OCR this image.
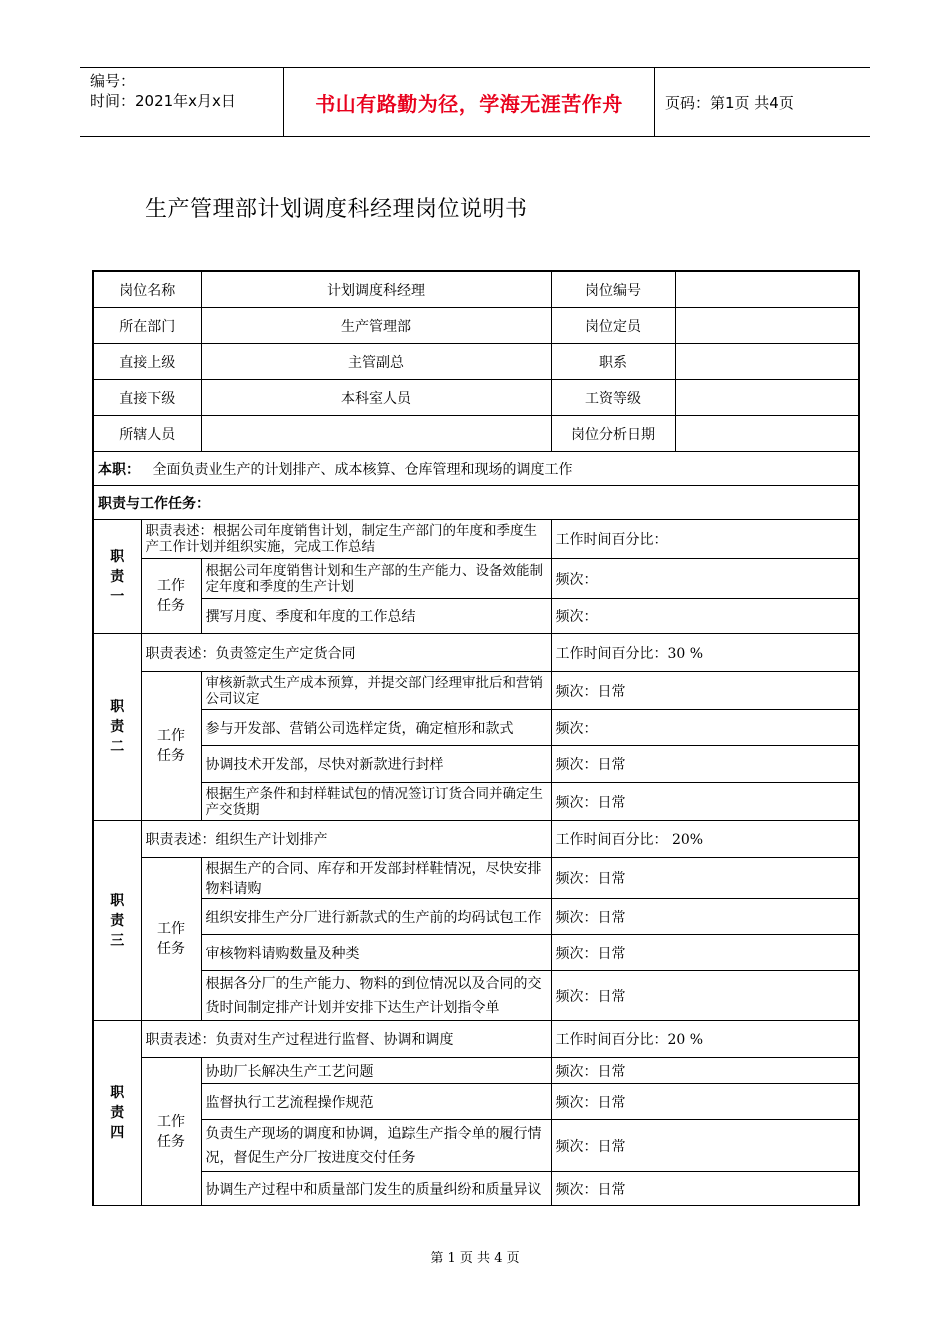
编号：
时间：2021年x月x日	书山有路勤为径，学海无涯苦作舟	页码：第1页 共4页
生产管理部计划调度科经理岗位说明书
岗位名称		计划调度科经理	岗位编号	
所在部门		生产管理部	岗位定员	
直接上级		主管副总	职系	
直接下级		本科室人员	工资等级	
所辖人员			岗位分析日期	
本职： 全面负责业生产的计划排产、成本核算、仓库管理和现场的调度工作				
职责与工作任务：				
职
责
一	职责表述：根据公司年度销售计划，制定生产部门的年度和季度生产工作计划并组织实施，完成工作总结		工作时间百分比：	
	工作
任务	根据公司年度销售计划和生产部的生产能力、设备效能制定年度和季度的生产计划	频次：	
		撰写月度、季度和年度的工作总结	频次：	
职
责
二	职责表述：负责签定生产定货合同		工作时间百分比：30 %	
	工作
任务	审核新款式生产成本预算，并提交部门经理审批后和营销公司议定	频次：日常	
		参与开发部、营销公司选样定货，确定楦形和款式	频次：	
		协调技术开发部，尽快对新款进行封样	频次：日常	
		根据生产条件和封样鞋试包的情况签订订货合同并确定生产交货期	频次：日常	
职
责
三	职责表述：组织生产计划排产		工作时间百分比： 20%	
	工作
任务	根据生产的合同、库存和开发部封样鞋情况，尽快安排物料请购	频次：日常	
		组织安排生产分厂进行新款式的生产前的均码试包工作	频次：日常	
		审核物料请购数量及种类	频次：日常	
		根据各分厂的生产能力、物料的到位情况以及合同的交货时间制定排产计划并安排下达生产计划指令单	频次：日常	
职
责
四	职责表述：负责对生产过程进行监督、协调和调度		工作时间百分比：20 %	
	工作
任务	协助厂长解决生产工艺问题	频次：日常	
		监督执行工艺流程操作规范	频次：日常	
		负责生产现场的调度和协调，追踪生产指令单的履行情况，督促生产分厂按进度交付任务	频次：日常	
		协调生产过程中和质量部门发生的质量纠纷和质量异议	频次：日常	
第 1 页 共 4 页
